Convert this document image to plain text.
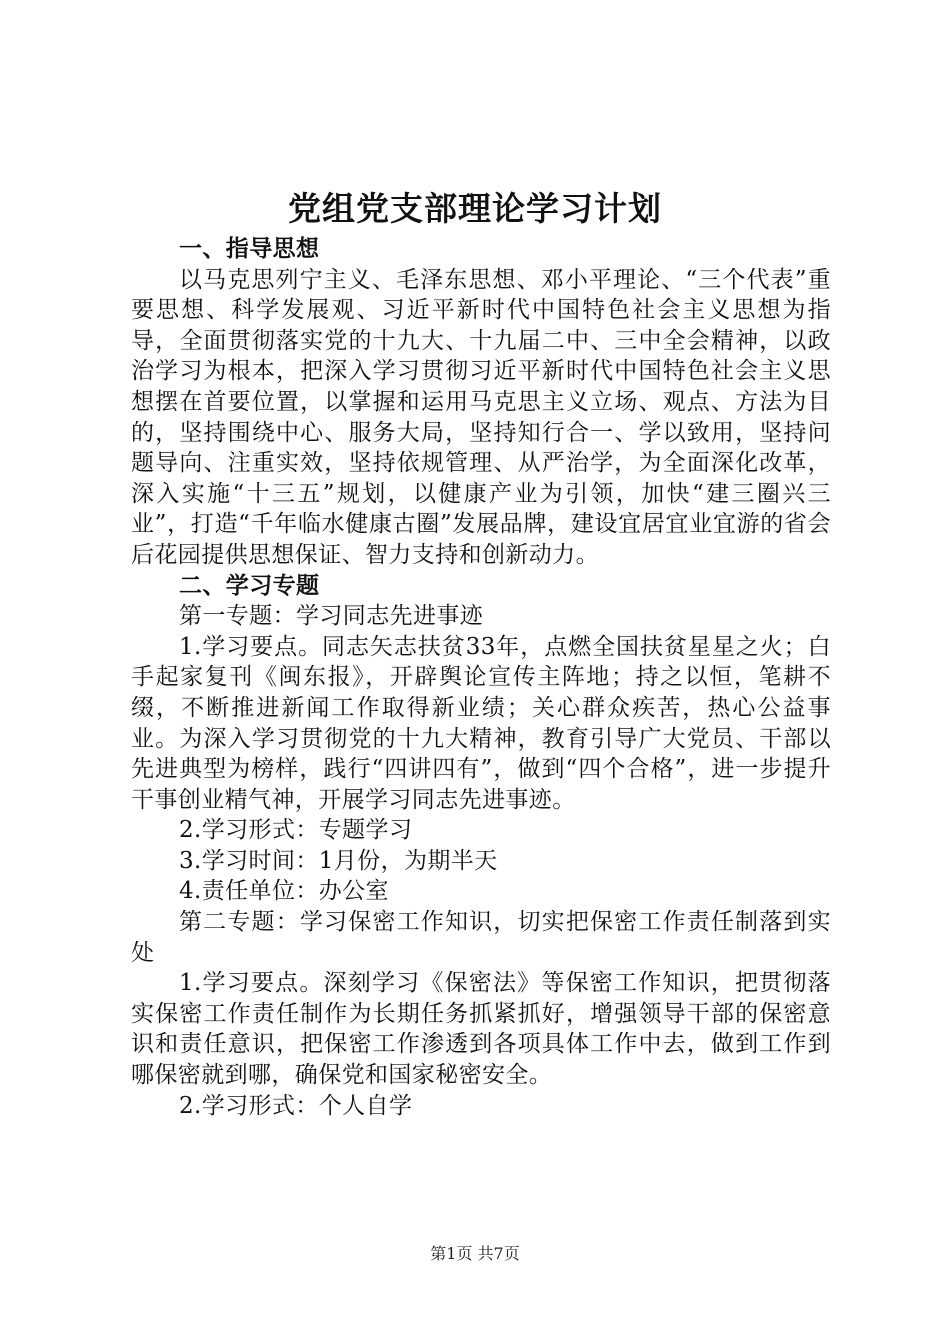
党组党支部理论学习计划

一、指导思想

以马克思列宁主义、毛泽东思想、邓小平理论、“三个代表”重要思想、科学发展观、习近平新时代中国特色社会主义思想为指导，全面贯彻落实党的十九大、十九届二中、三中全会精神，以政治学习为根本，把深入学习贯彻习近平新时代中国特色社会主义思想摆在首要位置，以掌握和运用马克思主义立场、观点、方法为目的，坚持围绕中心、服务大局，坚持知行合一、学以致用，坚持问题导向、注重实效，坚持依规管理、从严治学，为全面深化改革，深入实施“十三五”规划，以健康产业为引领，加快“建三圈兴三业”，打造“千年临水健康古圈”发展品牌，建设宜居宜业宜游的省会后花园提供思想保证、智力支持和创新动力。

二、学习专题

第一专题：学习同志先进事迹

1.学习要点。同志矢志扶贫33年，点燃全国扶贫星星之火；白手起家复刊《闽东报》，开辟舆论宣传主阵地；持之以恒，笔耕不缀，不断推进新闻工作取得新业绩；关心群众疾苦，热心公益事业。为深入学习贯彻党的十九大精神，教育引导广大党员、干部以先进典型为榜样，践行“四讲四有”，做到“四个合格”，进一步提升干事创业精气神，开展学习同志先进事迹。

2.学习形式：专题学习

3.学习时间：1月份，为期半天

4.责任单位：办公室

第二专题：学习保密工作知识，切实把保密工作责任制落到实处

1.学习要点。深刻学习《保密法》等保密工作知识，把贯彻落实保密工作责任制作为长期任务抓紧抓好，增强领导干部的保密意识和责任意识，把保密工作渗透到各项具体工作中去，做到工作到哪保密就到哪，确保党和国家秘密安全。

2.学习形式：个人自学

第1页 共7页
